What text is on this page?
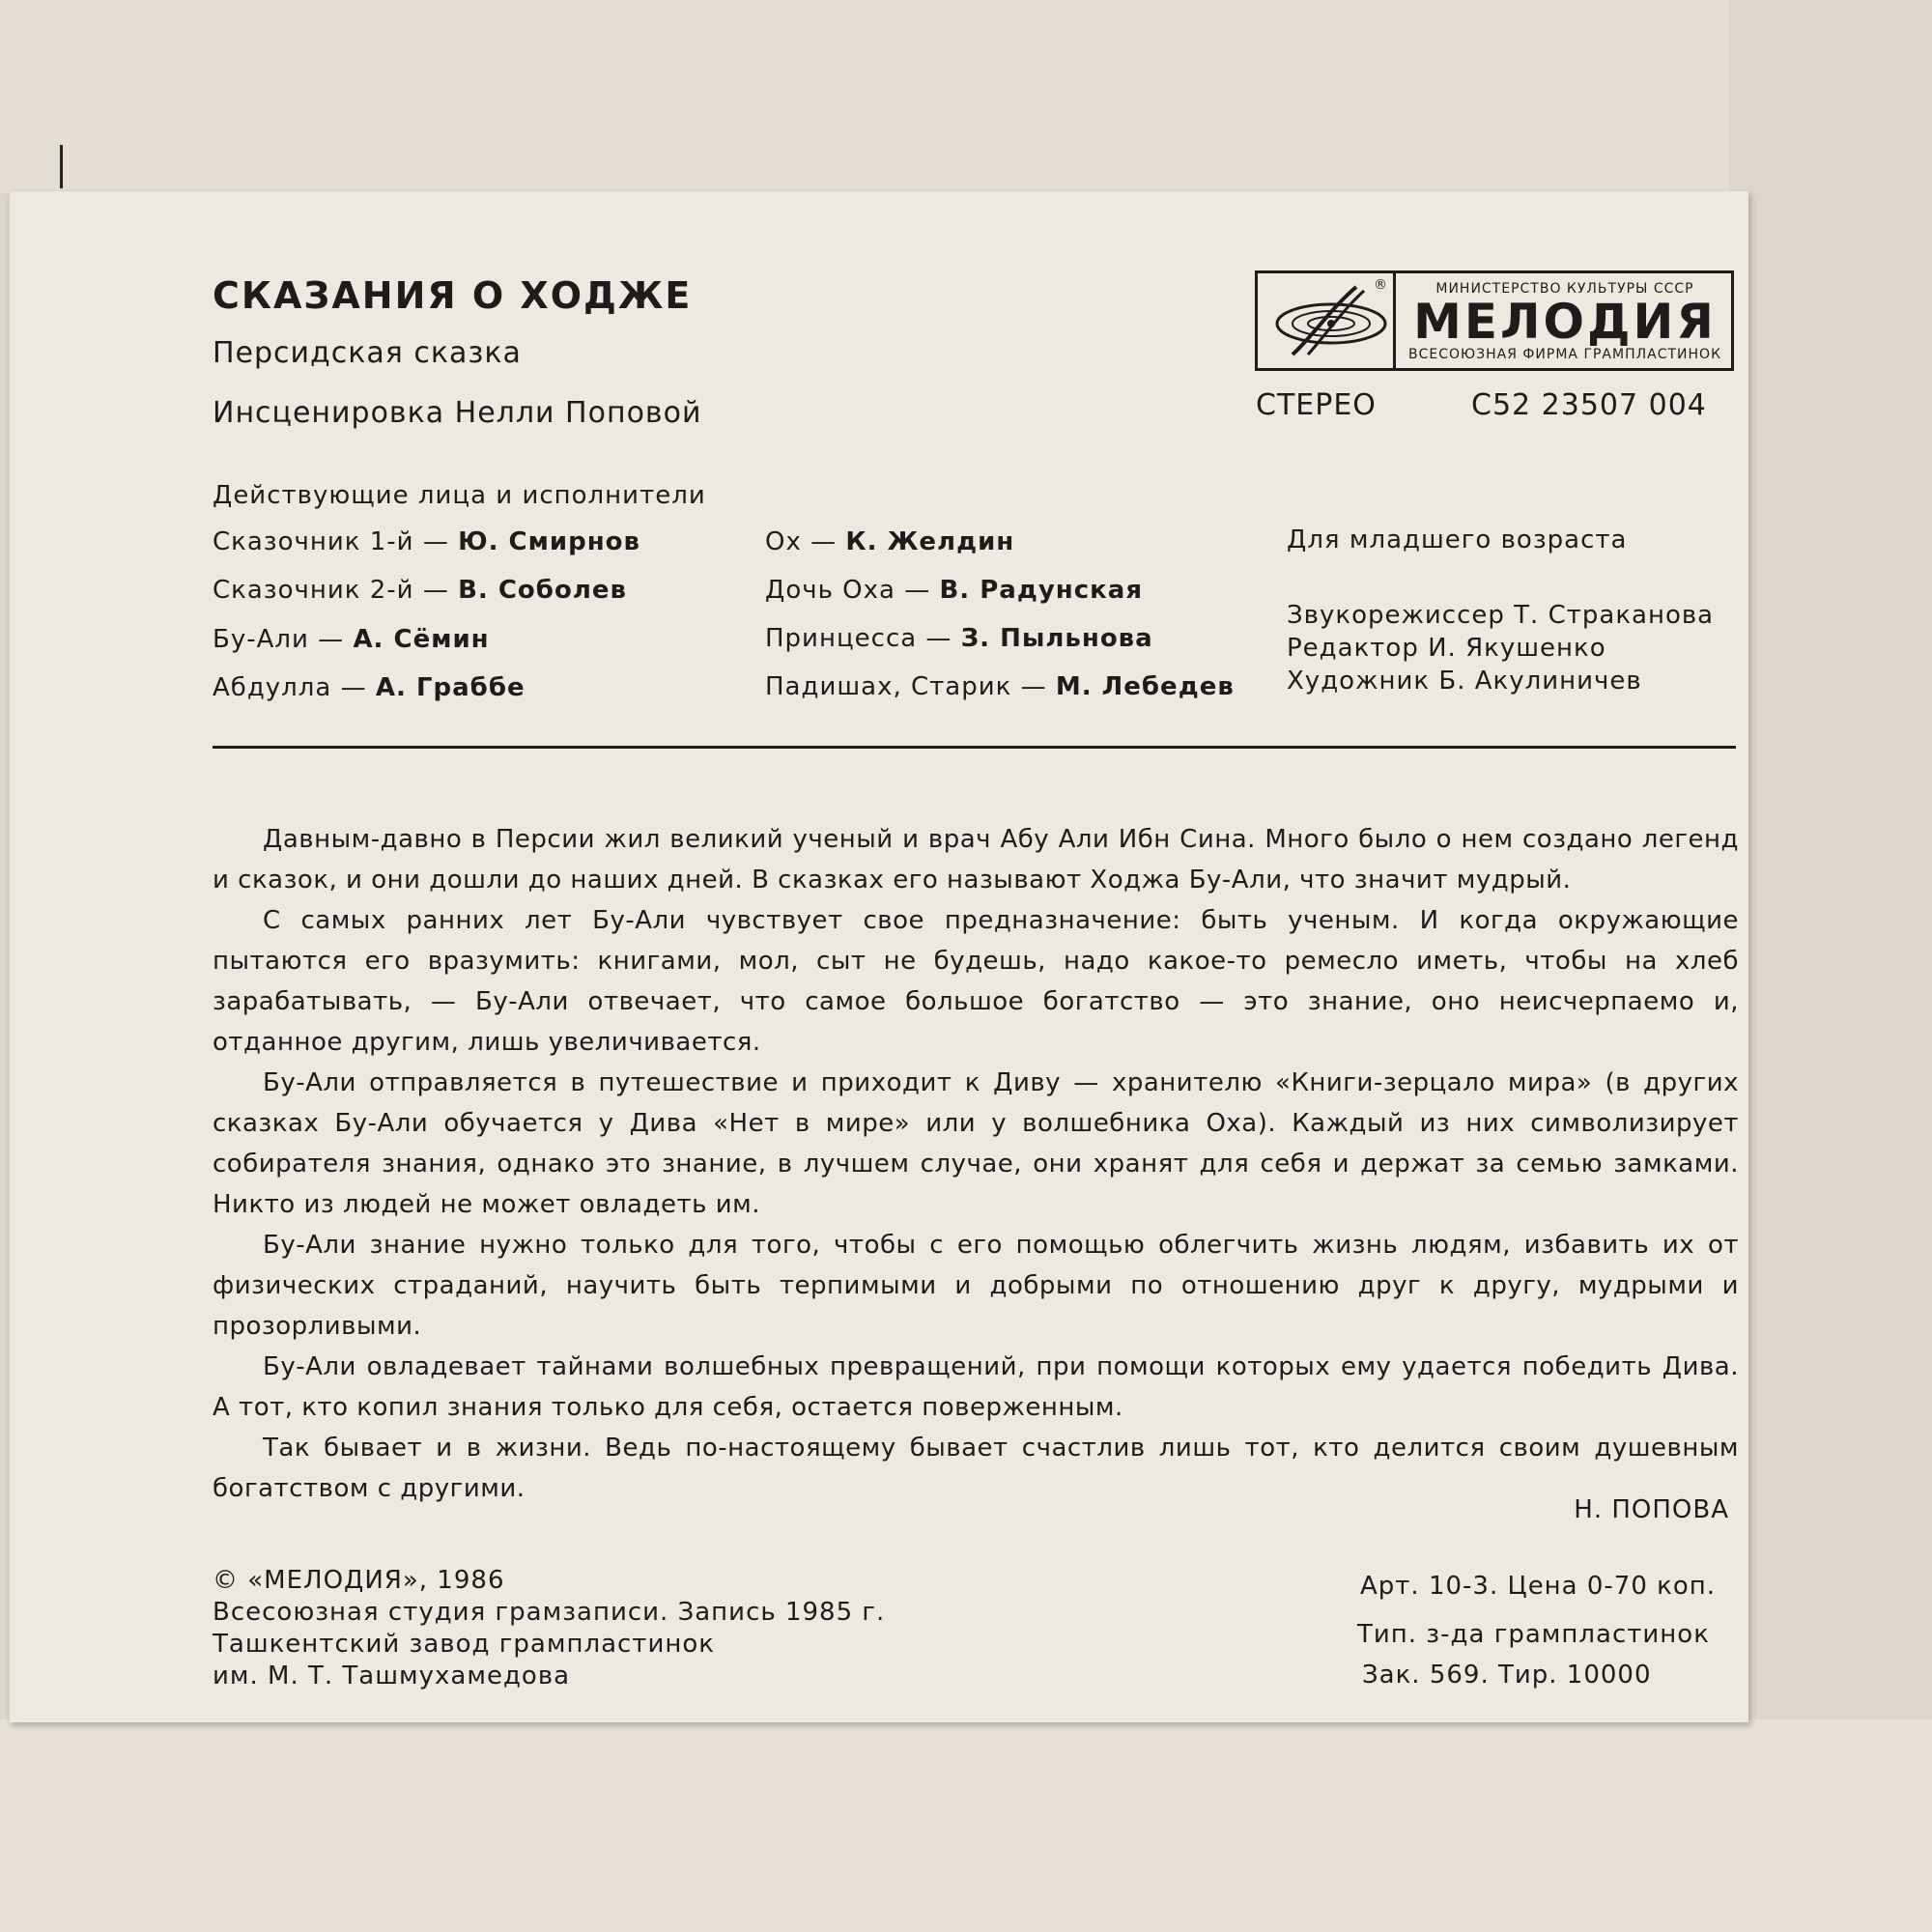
СКАЗАНИЯ О ХОДЖЕ
Персидская сказка
Инсценировка Нелли Поповой
®	МИНИСТЕРСТВО КУЛЬТУРЫ СССР
МЕЛОДИЯ
ВСЕСОЮЗНАЯ ФИРМА ГРАМПЛАСТИНОК
СТЕРЕО	С52 23507 004
Действующие лица и исполнители
Сказочник 1-й — Ю. Смирнов
Сказочник 2-й — В. Соболев
Бу-Али — А. Сёмин
Абдулла — А. Граббе
Ох — К. Желдин
Дочь Оха — В. Радунская
Принцесса — З. Пыльнова
Падишах, Старик — М. Лебедев
Для младшего возраста
Звукорежиссер Т. Страканова
Редактор И. Якушенко
Художник Б. Акулиничев

Давным-давно в Персии жил великий ученый и врач Абу Али Ибн Сина. Много было о нем создано легенд и сказок, и они дошли до наших дней. В сказках его называют Ходжа Бу-Али, что значит мудрый.

С самых ранних лет Бу-Али чувствует свое предназначение: быть ученым. И когда окружающие пытаются его вразумить: книгами, мол, сыт не будешь, надо какое-то ремесло иметь, чтобы на хлеб зарабатывать, — Бу-Али отвечает, что самое большое богатство — это знание, оно неисчерпаемо и, отданное другим, лишь увеличивается.

Бу-Али отправляется в путешествие и приходит к Диву — хранителю «Книги-зерцало мира» (в других сказках Бу-Али обучается у Дива «Нет в мире» или у волшебника Оха). Каждый из них символизирует собирателя знания, однако это знание, в лучшем случае, они хранят для себя и держат за семью замками. Никто из людей не может овладеть им.

Бу-Али знание нужно только для того, чтобы с его помощью облегчить жизнь людям, избавить их от физических страданий, научить быть терпимыми и добрыми по отношению друг к другу, мудрыми и прозорливыми.

Бу-Али овладевает тайнами волшебных превращений, при помощи которых ему удается победить Дива. А тот, кто копил знания только для себя, остается поверженным.

Так бывает и в жизни. Ведь по-настоящему бывает счастлив лишь тот, кто делится своим душевным богатством с другими.

Н. ПОПОВА
© «МЕЛОДИЯ», 1986
Всесоюзная студия грамзаписи. Запись 1985 г.
Ташкентский завод грампластинок
им. М. Т. Ташмухамедова
Арт. 10-3. Цена 0-70 коп.
Тип. з-да грампластинок
Зак. 569. Тир. 10000
